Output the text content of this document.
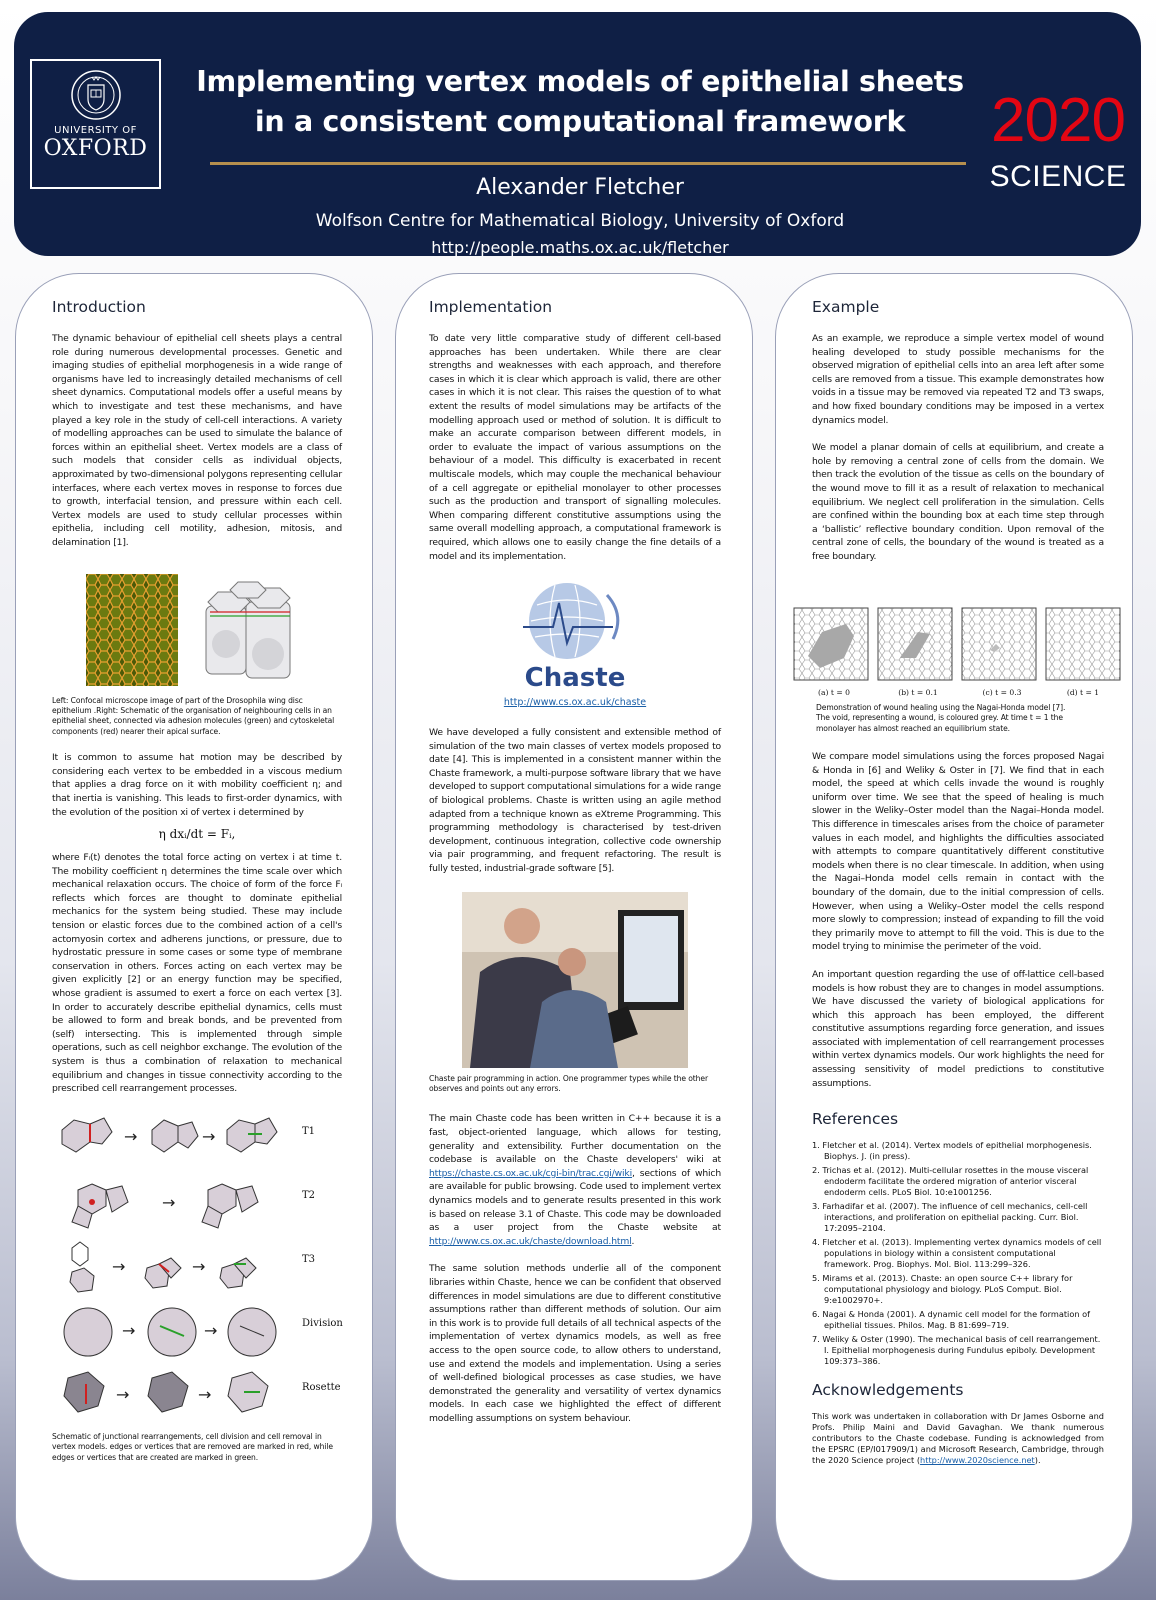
UNIVERSITY OF
OXFORD
Implementing vertex models of epithelial sheets
in a consistent computational framework
Alexander Fletcher
Wolfson Centre for Mathematical Biology, University of Oxford
http://people.maths.ox.ac.uk/fletcher
2020
SCIENCE
Introduction

The dynamic behaviour of epithelial cell sheets plays a central role during numerous developmental processes. Genetic and imaging studies of epithelial morphogenesis in a wide range of organisms have led to increasingly detailed mechanisms of cell sheet dynamics. Computational models offer a useful means by which to investigate and test these mechanisms, and have played a key role in the study of cell-cell interactions. A variety of modelling approaches can be used to simulate the balance of forces within an epithelial sheet. Vertex models are a class of such models that consider cells as individual objects, approximated by two-dimensional polygons representing cellular interfaces, where each vertex moves in response to forces due to growth, interfacial tension, and pressure within each cell. Vertex models are used to study cellular processes within epithelia, including cell motility, adhesion, mitosis, and delamination [1].

Left: Confocal microscope image of part of the Drosophila wing disc epithelium .Right: Schematic of the organisation of neighbouring cells in an epithelial sheet, connected via adhesion molecules (green) and cytoskeletal components (red) nearer their apical surface.

It is common to assume hat motion may be described by considering each vertex to be embedded in a viscous medium that applies a drag force on it with mobility coefficient η; and that inertia is vanishing. This leads to first-order dynamics, with the evolution of the position xi of vertex i determined by

η dxᵢ/dt = Fᵢ,

where Fᵢ(t) denotes the total force acting on vertex i at time t. The mobility coefficient η determines the time scale over which mechanical relaxation occurs. The choice of form of the force Fᵢ reflects which forces are thought to dominate epithelial mechanics for the system being studied. These may include tension or elastic forces due to the combined action of a cell's actomyosin cortex and adherens junctions, or pressure, due to hydrostatic pressure in some cases or some type of membrane conservation in others. Forces acting on each vertex may be given explicitly [2] or an energy function may be specified, whose gradient is assumed to exert a force on each vertex [3]. In order to accurately describe epithelial dynamics, cells must be allowed to form and break bonds, and be prevented from (self) intersecting. This is implemented through simple operations, such as cell neighbor exchange. The evolution of the system is thus a combination of relaxation to mechanical equilibrium and changes in tissue connectivity according to the prescribed cell rearrangement processes.

→	→	T1
→	T2
→	→	T3
→	→	Division
→	→	Rosette

Schematic of junctional rearrangements, cell division and cell removal in vertex models. edges or vertices that are removed are marked in red, while edges or vertices that are created are marked in green.

Implementation

To date very little comparative study of different cell-based approaches has been undertaken. While there are clear strengths and weaknesses with each approach, and therefore cases in which it is clear which approach is valid, there are other cases in which it is not clear. This raises the question of to what extent the results of model simulations may be artifacts of the modelling approach used or method of solution. It is difficult to make an accurate comparison between different models, in order to evaluate the impact of various assumptions on the behaviour of a model. This difficulty is exacerbated in recent multiscale models, which may couple the mechanical behaviour of a cell aggregate or epithelial monolayer to other processes such as the production and transport of signalling molecules. When comparing different constitutive assumptions using the same overall modelling approach, a computational framework is required, which allows one to easily change the fine details of a model and its implementation.

Chaste
http://www.cs.ox.ac.uk/chaste

We have developed a fully consistent and extensible method of simulation of the two main classes of vertex models proposed to date [4]. This is implemented in a consistent manner within the Chaste framework, a multi-purpose software library that we have developed to support computational simulations for a wide range of biological problems. Chaste is written using an agile method adapted from a technique known as eXtreme Programming. This programming methodology is characterised by test-driven development, continuous integration, collective code ownership via pair programming, and frequent refactoring. The result is fully tested, industrial-grade software [5].

Chaste pair programming in action. One programmer types while the other observes and points out any errors.

The main Chaste code has been written in C++ because it is a fast, object-oriented language, which allows for testing, generality and extensibility. Further documentation on the codebase is available on the Chaste developers' wiki at https://chaste.cs.ox.ac.uk/cgi-bin/trac.cgi/wiki, sections of which are available for public browsing. Code used to implement vertex dynamics models and to generate results presented in this work is based on release 3.1 of Chaste. This code may be downloaded as a user project from the Chaste website at http://www.cs.ox.ac.uk/chaste/download.html.

The same solution methods underlie all of the component libraries within Chaste, hence we can be confident that observed differences in model simulations are due to different constitutive assumptions rather than different methods of solution. Our aim in this work is to provide full details of all technical aspects of the implementation of vertex dynamics models, as well as free access to the open source code, to allow others to understand, use and extend the models and implementation. Using a series of well-defined biological processes as case studies, we have demonstrated the generality and versatility of vertex dynamics models. In each case we highlighted the effect of different modelling assumptions on system behaviour.

Example

As an example, we reproduce a simple vertex model of wound healing developed to study possible mechanisms for the observed migration of epithelial cells into an area left after some cells are removed from a tissue. This example demonstrates how voids in a tissue may be removed via repeated T2 and T3 swaps, and how fixed boundary conditions may be imposed in a vertex dynamics model.

We model a planar domain of cells at equilibrium, and create a hole by removing a central zone of cells from the domain. We then track the evolution of the tissue as cells on the boundary of the wound move to fill it as a result of relaxation to mechanical equilibrium. We neglect cell proliferation in the simulation. Cells are confined within the bounding box at each time step through a ‘ballistic’ reflective boundary condition. Upon removal of the central zone of cells, the boundary of the wound is treated as a free boundary.

(a) t = 0	(b) t = 0.1	(c) t = 0.3	(d) t = 1

Demonstration of wound healing using the Nagai-Honda model [7]. The void, representing a wound, is coloured grey. At time t = 1 the monolayer has almost reached an equilibrium state.

We compare model simulations using the forces proposed Nagai & Honda in [6] and Weliky & Oster in [7]. We find that in each model, the speed at which cells invade the wound is roughly uniform over time. We see that the speed of healing is much slower in the Weliky–Oster model than the Nagai–Honda model. This difference in timescales arises from the choice of parameter values in each model, and highlights the difficulties associated with attempts to compare quantitatively different constitutive models when there is no clear timescale. In addition, when using the Nagai–Honda model cells remain in contact with the boundary of the domain, due to the initial compression of cells. However, when using a Weliky–Oster model the cells respond more slowly to compression; instead of expanding to fill the void they primarily move to attempt to fill the void. This is due to the model trying to minimise the perimeter of the void.

An important question regarding the use of off-lattice cell-based models is how robust they are to changes in model assumptions. We have discussed the variety of biological applications for which this approach has been employed, the different constitutive assumptions regarding force generation, and issues associated with implementation of cell rearrangement processes within vertex dynamics models. Our work highlights the need for assessing sensitivity of model predictions to constitutive assumptions.

References
1. Fletcher et al. (2014). Vertex models of epithelial morphogenesis. Biophys. J. (in press).
2. Trichas et al. (2012). Multi-cellular rosettes in the mouse visceral endoderm facilitate the ordered migration of anterior visceral endoderm cells. PLoS Biol. 10:e1001256.
3. Farhadifar et al. (2007). The influence of cell mechanics, cell-cell interactions, and proliferation on epithelial packing. Curr. Biol. 17:2095–2104.
4. Fletcher et al. (2013). Implementing vertex dynamics models of cell populations in biology within a consistent computational framework. Prog. Biophys. Mol. Biol. 113:299–326.
5. Mirams et al. (2013). Chaste: an open source C++ library for computational physiology and biology. PLoS Comput. Biol. 9:e1002970+.
6. Nagai & Honda (2001). A dynamic cell model for the formation of epithelial tissues. Philos. Mag. B 81:699–719.
7. Weliky & Oster (1990). The mechanical basis of cell rearrangement. I. Epithelial morphogenesis during Fundulus epiboly. Development 109:373–386.
Acknowledgements

This work was undertaken in collaboration with Dr James Osborne and Profs. Philip Maini and David Gavaghan. We thank numerous contributors to the Chaste codebase. Funding is acknowledged from the EPSRC (EP/I017909/1) and Microsoft Research, Cambridge, through the 2020 Science project (http://www.2020science.net).
